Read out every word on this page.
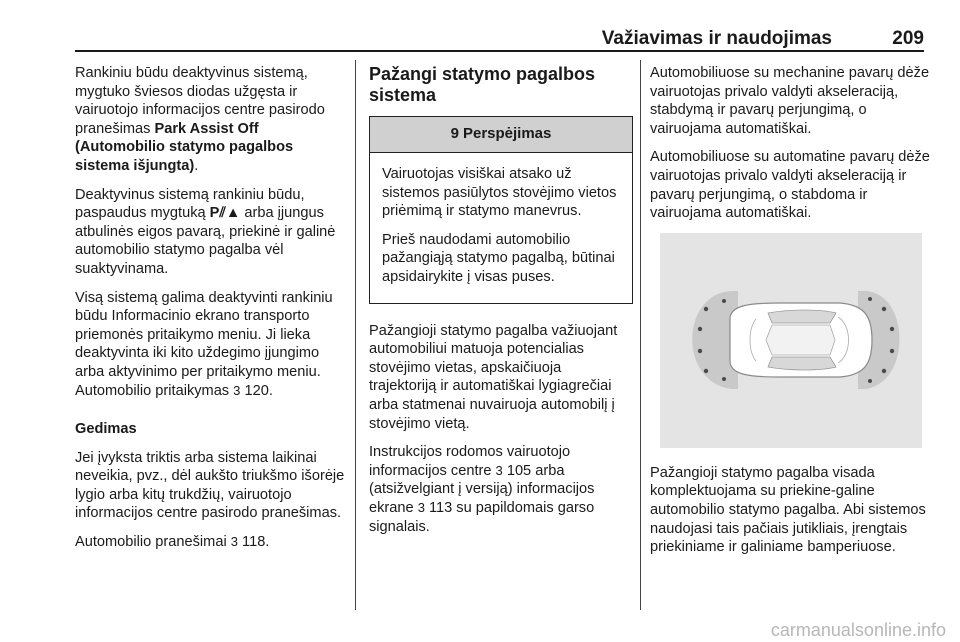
Važiavimas ir naudojimas	209

Rankiniu būdu deaktyvinus sistemą, mygtuko šviesos diodas užgęsta ir vairuotojo informacijos centre pasirodo pranešimas Park Assist Off (Automobilio statymo pagalbos sistema išjungta).

Deaktyvinus sistemą rankiniu būdu, paspaudus mygtuką P⫽▲ arba įjungus atbulinės eigos pavarą, priekinė ir galinė automobilio statymo pagalba vėl suaktyvinama.

Visą sistemą galima deaktyvinti rankiniu būdu Informacinio ekrano transporto priemonės pritaikymo meniu. Ji lieka deaktyvinta iki kito uždegimo įjungimo arba aktyvinimo per pritaikymo meniu. Automobilio pritaikymas 3 120.

Gedimas

Jei įvyksta triktis arba sistema laikinai neveikia, pvz., dėl aukšto triukšmo išorėje lygio arba kitų trukdžių, vairuotojo informacijos centre pasirodo pranešimas.

Automobilio pranešimai 3 118.

Pažangi statymo pagalbos sistema
9 Perspėjimas

Vairuotojas visiškai atsako už sistemos pasiūlytos stovėjimo vietos priėmimą ir statymo manevrus.

Prieš naudodami automobilio pažangiąją statymo pagalbą, būtinai apsidairykite į visas puses.

Pažangioji statymo pagalba važiuojant automobiliui matuoja potencialias stovėjimo vietas, apskaičiuoja trajektoriją ir automatiškai lygiagrečiai arba statmenai nuvairuoja automobilį į stovėjimo vietą.

Instrukcijos rodomos vairuotojo informacijos centre 3 105 arba (atsižvelgiant į versiją) informacijos ekrane 3 113 su papildomais garso signalais.

Automobiliuose su mechanine pavarų dėže vairuotojas privalo valdyti akseleraciją, stabdymą ir pavarų perjungimą, o vairuojama automatiškai.

Automobiliuose su automatine pavarų dėže vairuotojas privalo valdyti akseleraciją ir pavarų perjungimą, o stabdoma ir vairuojama automatiškai.

Pažangioji statymo pagalba visada komplektuojama su priekine-galine automobilio statymo pagalba. Abi sistemos naudojasi tais pačiais jutikliais, įrengtais priekiniame ir galiniame bamperiuose.

carmanualsonline.info
